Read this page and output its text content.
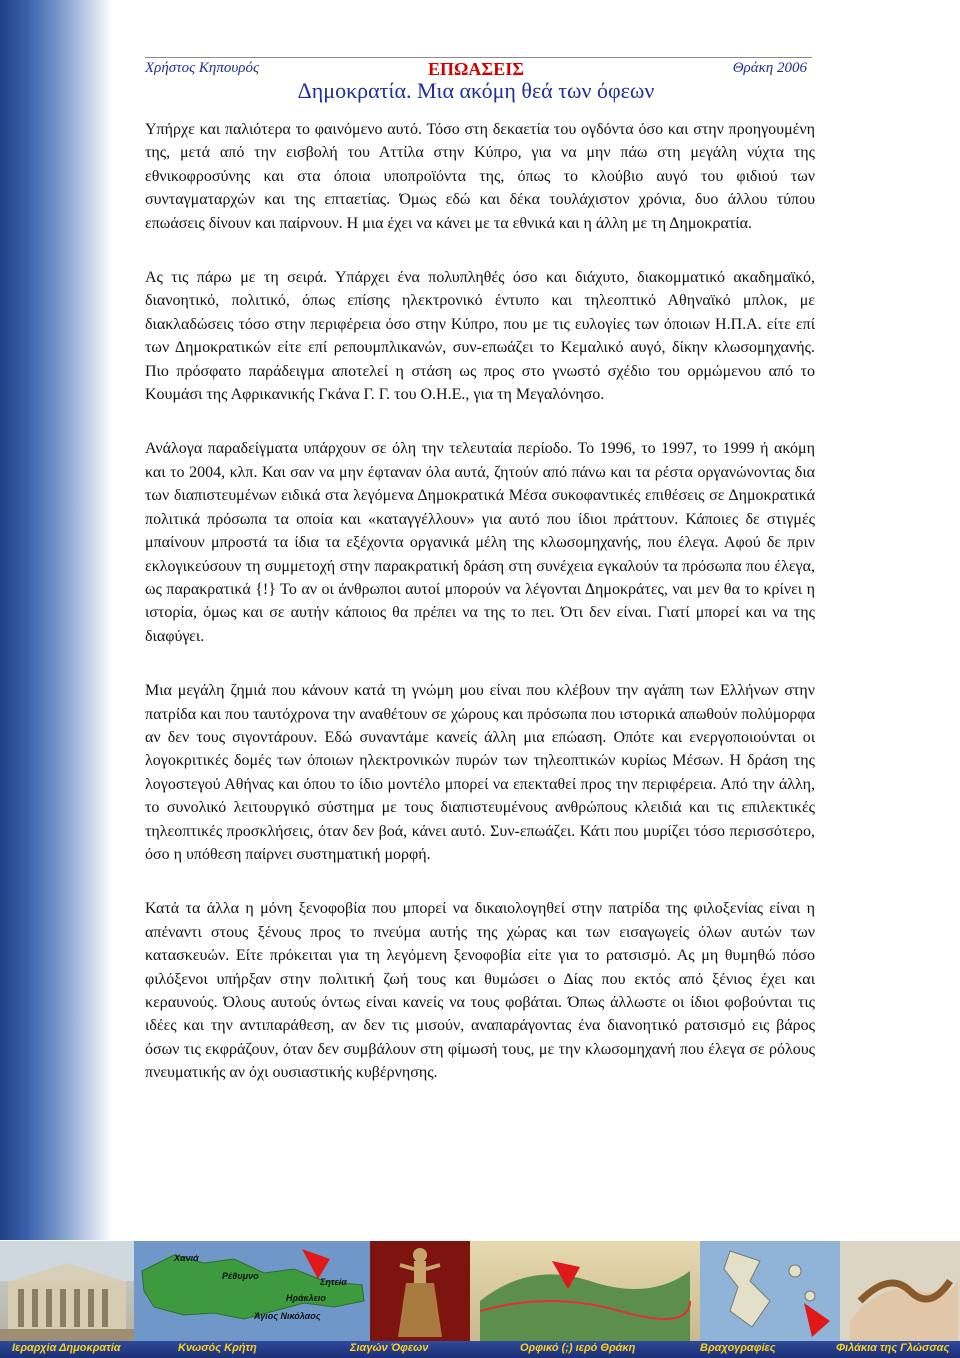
Χρήστος Κηπουρός	ΕΠΩΑΣΕΙΣ	Θράκη 2006
Δημοκρατία. Μια ακόμη θεά των όφεων

Υπήρχε και παλιότερα το φαινόμενο αυτό. Τόσο στη δεκαετία του ογδόντα όσο και στην προηγουμένη της, μετά από την εισβολή του Αττίλα στην Κύπρο, για να μην πάω στη μεγάλη νύχτα της εθνικοφροσύνης και στα όποια υποπροϊόντα της, όπως το κλούβιο αυγό του φιδιού των συνταγματαρχών και της επταετίας. Όμως εδώ και δέκα τουλάχιστον χρόνια, δυο άλλου τύπου επωάσεις δίνουν και παίρνουν. Η μια έχει να κάνει με τα εθνικά και η άλλη με τη Δημοκρατία.

Ας τις πάρω με τη σειρά. Υπάρχει ένα πολυπληθές όσο και διάχυτο, διακομματικό ακαδημαϊκό, διανοητικό, πολιτικό, όπως επίσης ηλεκτρονικό έντυπο και τηλεοπτικό Αθηναϊκό μπλοκ, με διακλαδώσεις τόσο στην περιφέρεια όσο στην Κύπρο, που με τις ευλογίες των όποιων Η.Π.Α. είτε επί των Δημοκρατικών είτε επί ρεπουμπλικανών, συν-επωάζει το Κεμαλικό αυγό, δίκην κλωσομηχανής. Πιο πρόσφατο παράδειγμα αποτελεί η στάση ως προς στο γνωστό σχέδιο του ορμώμενου από το Κουμάσι της Αφρικανικής Γκάνα Γ. Γ. του Ο.Η.Ε., για τη Μεγαλόνησο.

Ανάλογα παραδείγματα υπάρχουν σε όλη την τελευταία περίοδο. Το 1996, το 1997, το 1999 ή ακόμη και το 2004, κλπ. Και σαν να μην έφταναν όλα αυτά, ζητούν από πάνω και τα ρέστα οργανώνοντας δια των διαπιστευμένων ειδικά στα λεγόμενα Δημοκρατικά Μέσα συκοφαντικές επιθέσεις σε Δημοκρατικά πολιτικά πρόσωπα τα οποία και «καταγγέλλουν» για αυτό που ίδιοι πράττουν. Κάποιες δε στιγμές μπαίνουν μπροστά τα ίδια τα εξέχοντα οργανικά μέλη της κλωσομηχανής, που έλεγα. Αφού δε πριν εκλογικεύσουν τη συμμετοχή στην παρακρατική δράση στη συνέχεια εγκαλούν τα πρόσωπα που έλεγα, ως παρακρατικά {!} Το αν οι άνθρωποι αυτοί μπορούν να λέγονται Δημοκράτες, ναι μεν θα το κρίνει η ιστορία, όμως και σε αυτήν κάποιος θα πρέπει να της το πει. Ότι δεν είναι. Γιατί μπορεί και να της διαφύγει.

Μια μεγάλη ζημιά που κάνουν κατά τη γνώμη μου είναι που κλέβουν την αγάπη των Ελλήνων στην πατρίδα και που ταυτόχρονα την αναθέτουν σε χώρους και πρόσωπα που ιστορικά απωθούν πολύμορφα αν δεν τους σιγοντάρουν. Εδώ συναντάμε κανείς άλλη μια επώαση. Οπότε και ενεργοποιούνται οι λογοκριτικές δομές των όποιων ηλεκτρονικών πυρών των τηλεοπτικών κυρίως Μέσων. Η δράση της λογοστεγού Αθήνας και όπου το ίδιο μοντέλο μπορεί να επεκταθεί προς την περιφέρεια. Από την άλλη, το συνολικό λειτουργικό σύστημα με τους διαπιστευμένους ανθρώπους κλειδιά και τις επιλεκτικές τηλεοπτικές προσκλήσεις, όταν δεν βοά, κάνει αυτό. Συν-επωάζει. Κάτι που μυρίζει τόσο περισσότερο, όσο η υπόθεση παίρνει συστηματική μορφή.

Κατά τα άλλα η μόνη ξενοφοβία που μπορεί να δικαιολογηθεί στην πατρίδα της φιλοξενίας είναι η απέναντι στους ξένους προς το πνεύμα αυτής της χώρας και των εισαγωγείς όλων αυτών των κατασκευών. Είτε πρόκειται για τη λεγόμενη ξενοφοβία είτε για το ρατσισμό. Ας μη θυμηθώ πόσο φιλόξενοι υπήρξαν στην πολιτική ζωή τους και θυμώσει ο Δίας που εκτός από ξένιος έχει και κεραυνούς. Όλους αυτούς όντως είναι κανείς να τους φοβάται. Όπως άλλωστε οι ίδιοι φοβούνται τις ιδέες και την αντιπαράθεση, αν δεν τις μισούν, αναπαράγοντας ένα διανοητικό ρατσισμό εις βάρος όσων τις εκφράζουν, όταν δεν συμβάλουν στη φίμωσή τους, με την κλωσομηχανή που έλεγα σε ρόλους πνευματικής αν όχι ουσιαστικής κυβέρνησης.

Χανιά
Ρέθυμνο
Ηράκλειο
Άγιος Νικόλαος
Σητεία
Ιεραρχία Δημοκρατία	Κνωσός Κρήτη	Σιαγών Όφεων	Ορφικό (;) ιερό Θράκη	Βραχογραφίες	Φιλάκια της Γλώσσας
